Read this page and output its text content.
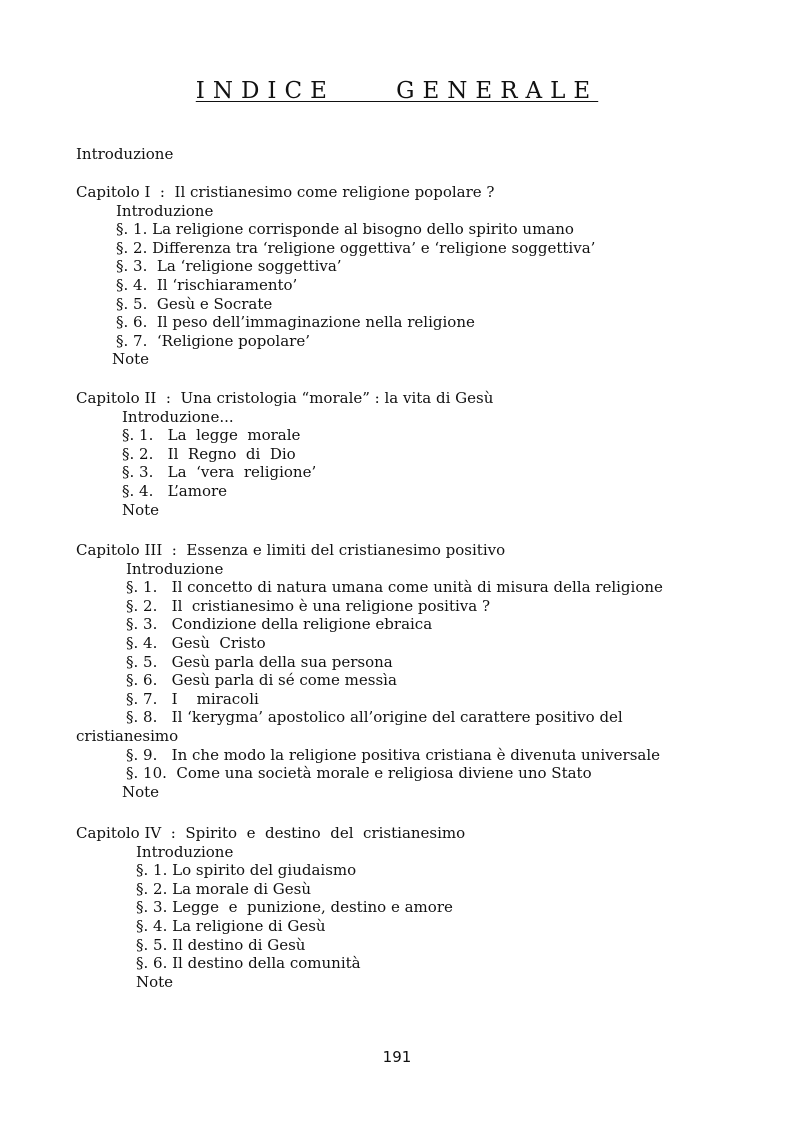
INDICE    GENERALE
Introduzione
Capitolo I  :  Il cristianesimo come religione popolare ?
Introduzione
§. 1. La religione corrisponde al bisogno dello spirito umano
§. 2. Differenza tra ‘religione oggettiva’ e ‘religione soggettiva’
§. 3.  La ‘religione soggettiva’
§. 4.  Il ‘rischiaramento’
§. 5.  Gesù e Socrate
§. 6.  Il peso dell’immaginazione nella religione
§. 7.  ‘Religione popolare’
Note
Capitolo II  :  Una cristologia “morale” : la vita di Gesù
Introduzione...
§. 1.   La  legge  morale
§. 2.   Il  Regno  di  Dio
§. 3.   La  ‘vera  religione’
§. 4.   L’amore
Note
Capitolo III  :  Essenza e limiti del cristianesimo positivo
Introduzione
§. 1.   Il concetto di natura umana come unità di misura della religione
§. 2.   Il  cristianesimo è una religione positiva ?
§. 3.   Condizione della religione ebraica
§. 4.   Gesù  Cristo
§. 5.   Gesù parla della sua persona
§. 6.   Gesù parla di sé come messìa
§. 7.   I    miracoli
§. 8.   Il ‘kerygma’ apostolico all’origine del carattere positivo del
cristianesimo
§. 9.   In che modo la religione positiva cristiana è divenuta universale
§. 10.  Come una società morale e religiosa diviene uno Stato
Note
Capitolo IV  :  Spirito  e  destino  del  cristianesimo
Introduzione
§. 1. Lo spirito del giudaismo
§. 2. La morale di Gesù
§. 3. Legge  e  punizione, destino e amore
§. 4. La religione di Gesù
§. 5. Il destino di Gesù
§. 6. Il destino della comunità
Note
191
